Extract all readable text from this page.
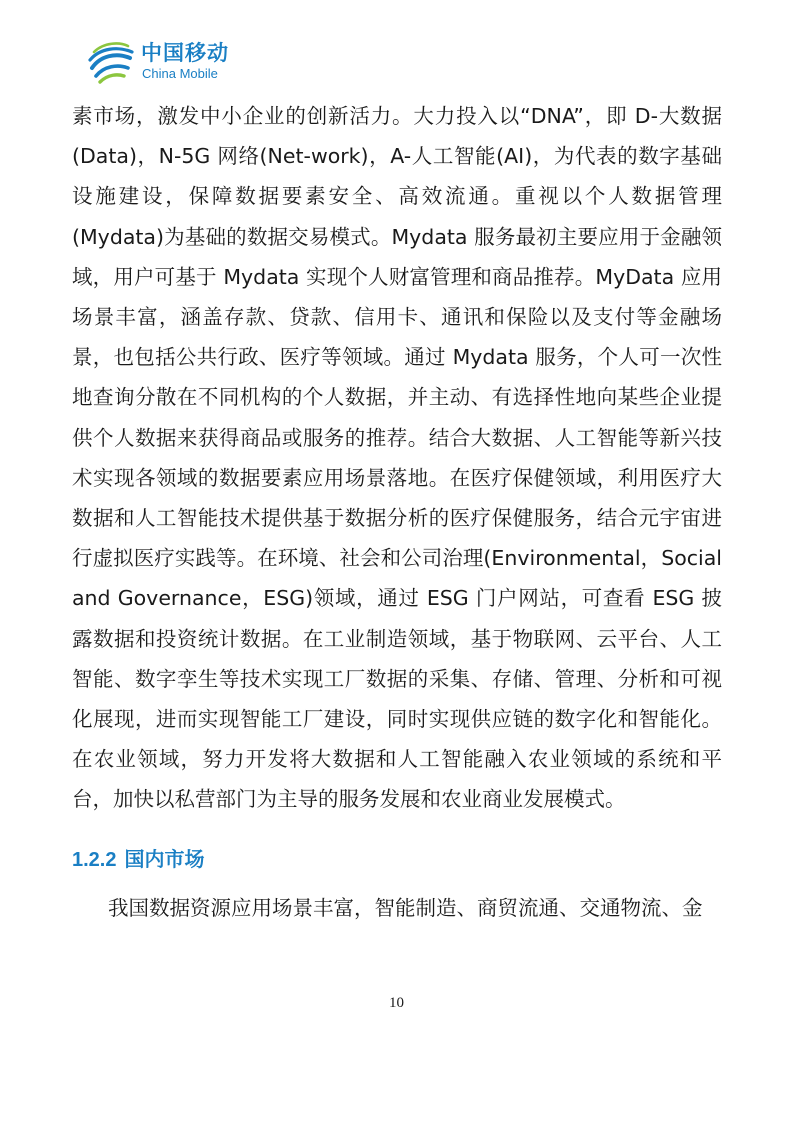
中国移动
China Mobile

素市场，激发中小企业的创新活力。大力投入以“DNA”，即 D-大数据(Data)，N-5G 网络(Net-work)，A-人工智能(AI)，为代表的数字基础设施建设，保障数据要素安全、高效流通。重视以个人数据管理(Mydata)为基础的数据交易模式。Mydata 服务最初主要应用于金融领域，用户可基于 Mydata 实现个人财富管理和商品推荐。MyData 应用场景丰富，涵盖存款、贷款、信用卡、通讯和保险以及支付等金融场景，也包括公共行政、医疗等领域。通过 Mydata 服务，个人可一次性地查询分散在不同机构的个人数据，并主动、有选择性地向某些企业提供个人数据来获得商品或服务的推荐。结合大数据、人工智能等新兴技术实现各领域的数据要素应用场景落地。在医疗保健领域，利用医疗大数据和人工智能技术提供基于数据分析的医疗保健服务，结合元宇宙进行虚拟医疗实践等。在环境、社会和公司治理(Environmental，Social and Governance，ESG)领域，通过 ESG 门户网站，可查看 ESG 披露数据和投资统计数据。在工业制造领域，基于物联网、云平台、人工智能、数字孪生等技术实现工厂数据的采集、存储、管理、分析和可视化展现，进而实现智能工厂建设，同时实现供应链的数字化和智能化。在农业领域，努力开发将大数据和人工智能融入农业领域的系统和平台，加快以私营部门为主导的服务发展和农业商业发展模式。

1.2.2 国内市场

我国数据资源应用场景丰富，智能制造、商贸流通、交通物流、金

10
